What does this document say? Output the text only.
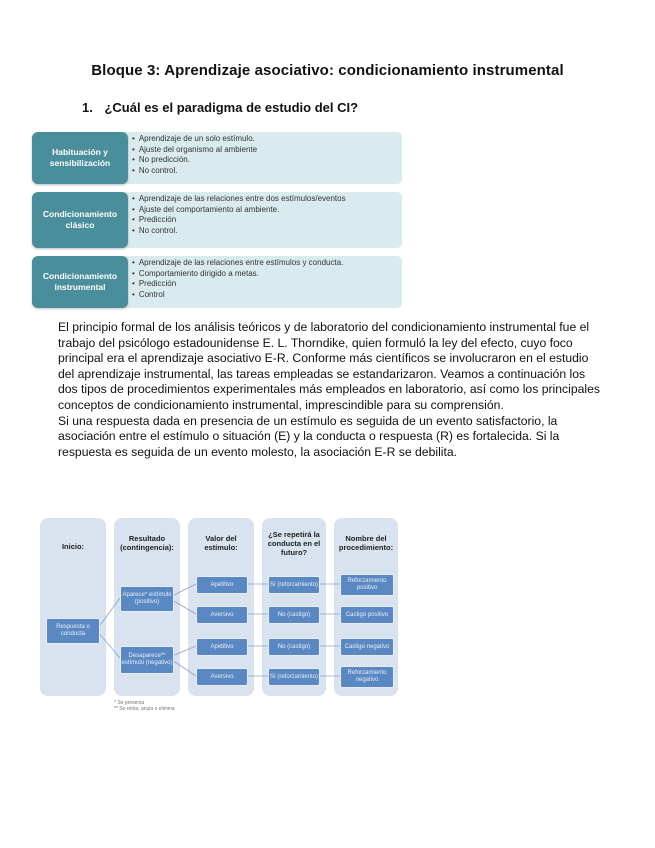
Bloque 3: Aprendizaje asociativo: condicionamiento instrumental
1. ¿Cuál es el paradigma de estudio del CI?
• Aprendizaje de un solo estímulo.
• Ajuste del organismo al ambiente
• No predicción.
• No control.
Habituación y sensibilización
• Aprendizaje de las relaciones entre dos estímulos/eventos
• Ajuste del comportamiento al ambiente.
• Predicción
• No control.
Condicionamiento clásico
• Aprendizaje de las relaciones entre estímulos y conducta.
• Comportamiento dirigido a metas.
• Predicción
• Control
Condicionamiento instrumental

El principio formal de los análisis teóricos y de laboratorio del condicionamiento instrumental fue el trabajo del psicólogo estadounidense E. L. Thorndike, quien formuló la ley del efecto, cuyo foco principal era el aprendizaje asociativo E-R. Conforme más científicos se involucraron en el estudio del aprendizaje instrumental, las tareas empleadas se estandarizaron. Veamos a continuación los dos tipos de procedimientos experimentales más empleados en laboratorio, así como los principales conceptos de condicionamiento instrumental, imprescindible para su comprensión.

Si una respuesta dada en presencia de un estímulo es seguida de un evento satisfactorio, la asociación entre el estímulo o situación (E) y la conducta o respuesta (R) es fortalecida. Si la respuesta es seguida de un evento molesto, la asociación E-R se debilita.

Inicio:
Resultado (contingencia):
Valor del estímulo:
¿Se repetirá la conducta en el futuro?
Nombre del procedimiento:
Respuesta o conducta
Aparece* estímulo (positivo)
Desaparece** estímulo (negativo)
Apetitivo
Aversivo
Apetitivo
Aversivo
Sí (reforzamiento)
No (castigo)
No (castigo)
Sí (reforzamiento)
Reforzamiento positivo
Castigo positivo
Castigo negativo
Reforzamiento negativo
* Se presenta
** Se retira, anula o elimina
